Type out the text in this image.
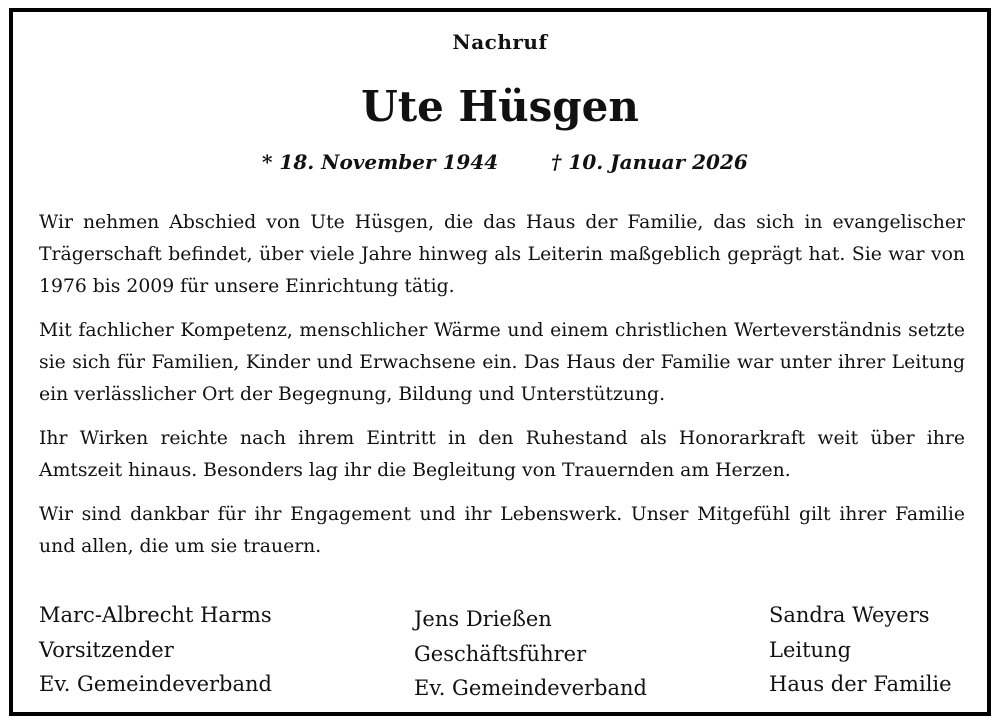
Nachruf
Ute Hüsgen
* 18. November 1944	† 10. Januar 2026

Wir nehmen Abschied von Ute Hüsgen, die das Haus der Familie, das sich in evangelischer Trägerschaft befindet, über viele Jahre hinweg als Leiterin maßgeblich geprägt hat. Sie war von 1976 bis 2009 für unsere Einrichtung tätig.

Mit fachlicher Kompetenz, menschlicher Wärme und einem christlichen Werteverständnis setzte sie sich für Familien, Kinder und Erwachsene ein. Das Haus der Familie war unter ihrer Leitung ein verlässlicher Ort der Begegnung, Bildung und Unterstützung.

Ihr Wirken reichte nach ihrem Eintritt in den Ruhestand als Honorarkraft weit über ihre Amtszeit hinaus. Besonders lag ihr die Begleitung von Trauernden am Herzen.

Wir sind dankbar für ihr Engagement und ihr Lebenswerk. Unser Mitgefühl gilt ihrer Familie und allen, die um sie trauern.

Marc-Albrecht Harms
Vorsitzender
Ev. Gemeindeverband
Jens Drießen
Geschäftsführer
Ev. Gemeindeverband
Sandra Weyers
Leitung
Haus der Familie
